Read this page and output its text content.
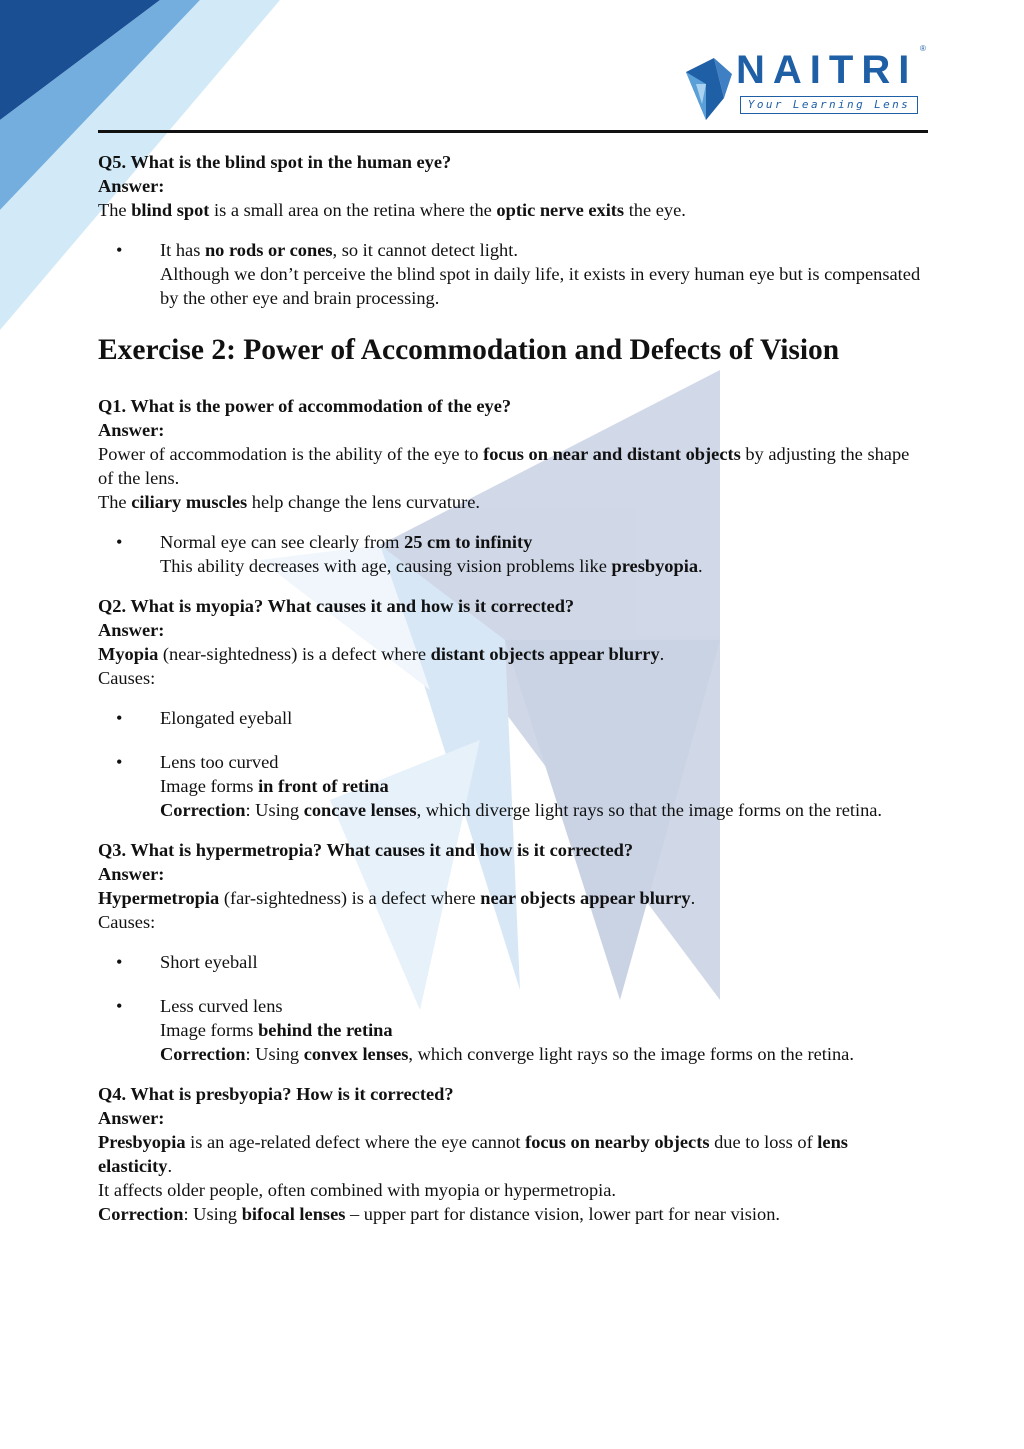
NAITRI ®
Your Learning Lens
Q5. What is the blind spot in the human eye?
Answer:
The blind spot is a small area on the retina where the optic nerve exits the eye.
• It has no rods or cones, so it cannot detect light.
Although we don’t perceive the blind spot in daily life, it exists in every human eye but is compensated by the other eye and brain processing.
Exercise 2: Power of Accommodation and Defects of Vision
Q1. What is the power of accommodation of the eye?
Answer:
Power of accommodation is the ability of the eye to focus on near and distant objects by adjusting the shape of the lens.
The ciliary muscles help change the lens curvature.
• Normal eye can see clearly from 25 cm to infinity
This ability decreases with age, causing vision problems like presbyopia.
Q2. What is myopia? What causes it and how is it corrected?
Answer:
Myopia (near-sightedness) is a defect where distant objects appear blurry.
Causes:
• Elongated eyeball
• Lens too curved
Image forms in front of retina
Correction: Using concave lenses, which diverge light rays so that the image forms on the retina.
Q3. What is hypermetropia? What causes it and how is it corrected?
Answer:
Hypermetropia (far-sightedness) is a defect where near objects appear blurry.
Causes:
• Short eyeball
• Less curved lens
Image forms behind the retina
Correction: Using convex lenses, which converge light rays so the image forms on the retina.
Q4. What is presbyopia? How is it corrected?
Answer:
Presbyopia is an age-related defect where the eye cannot focus on nearby objects due to loss of lens elasticity.
It affects older people, often combined with myopia or hypermetropia.
Correction: Using bifocal lenses – upper part for distance vision, lower part for near vision.
